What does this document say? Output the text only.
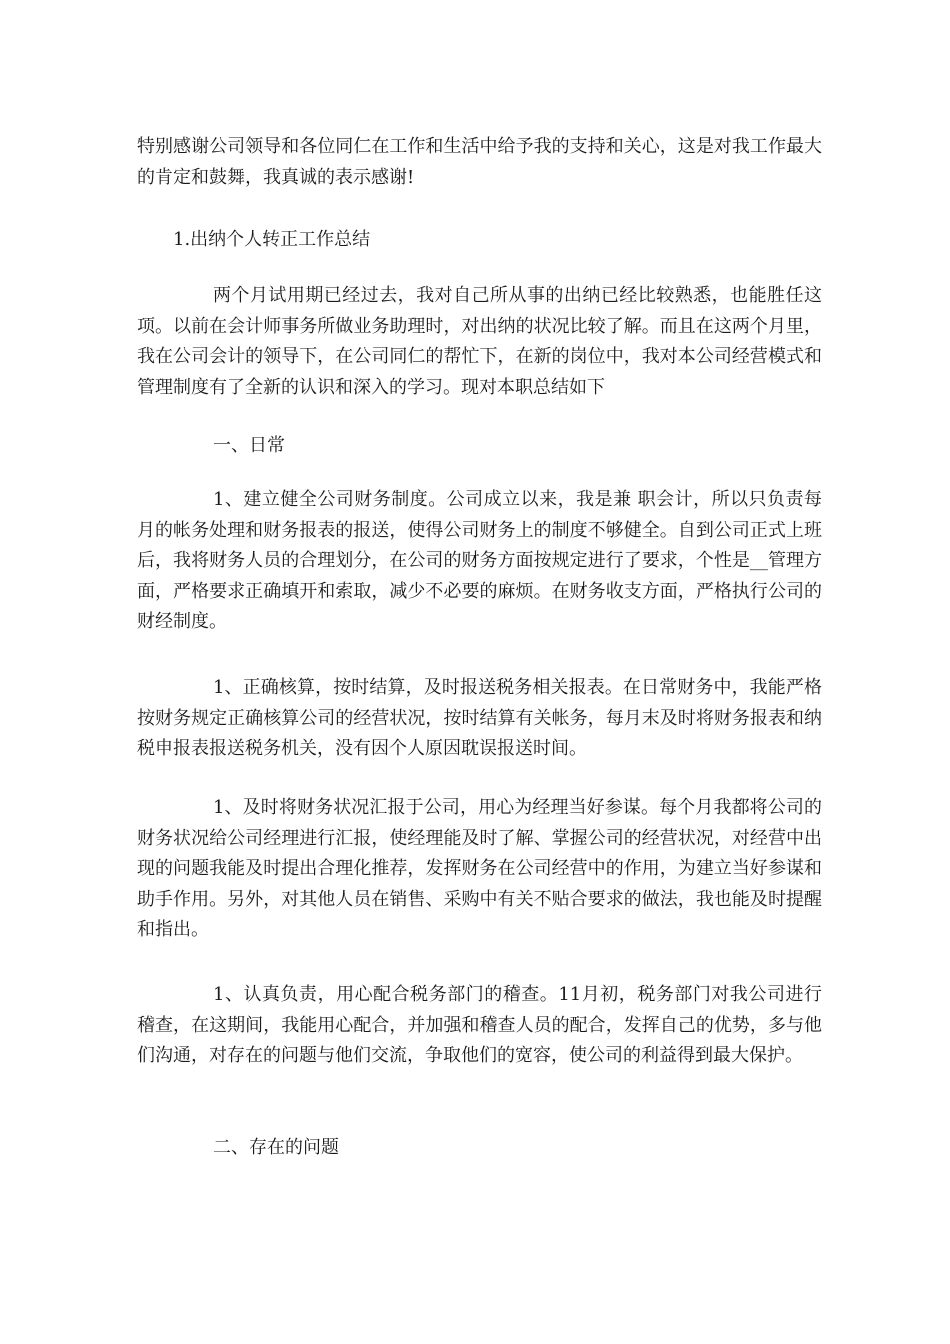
特别感谢公司领导和各位同仁在工作和生活中给予我的支持和关心，这是对我工作最大的肯定和鼓舞，我真诚的表示感谢!

1.出纳个人转正工作总结

两个月试用期已经过去，我对自己所从事的出纳已经比较熟悉，也能胜任这项。以前在会计师事务所做业务助理时，对出纳的状况比较了解。而且在这两个月里，我在公司会计的领导下，在公司同仁的帮忙下，在新的岗位中，我对本公司经营模式和管理制度有了全新的认识和深入的学习。现对本职总结如下

一、日常

1、建立健全公司财务制度。公司成立以来，我是兼 职会计，所以只负责每月的帐务处理和财务报表的报送，使得公司财务上的制度不够健全。自到公司正式上班后，我将财务人员的合理划分，在公司的财务方面按规定进行了要求，个性是__管理方面，严格要求正确填开和索取，减少不必要的麻烦。在财务收支方面，严格执行公司的财经制度。

1、正确核算，按时结算，及时报送税务相关报表。在日常财务中，我能严格按财务规定正确核算公司的经营状况，按时结算有关帐务，每月末及时将财务报表和纳税申报表报送税务机关，没有因个人原因耽误报送时间。

1、及时将财务状况汇报于公司，用心为经理当好参谋。每个月我都将公司的财务状况给公司经理进行汇报，使经理能及时了解、掌握公司的经营状况，对经营中出现的问题我能及时提出合理化推荐，发挥财务在公司经营中的作用，为建立当好参谋和助手作用。另外，对其他人员在销售、采购中有关不贴合要求的做法，我也能及时提醒和指出。

1、认真负责，用心配合税务部门的稽查。11月初，税务部门对我公司进行稽查，在这期间，我能用心配合，并加强和稽查人员的配合，发挥自己的优势，多与他们沟通，对存在的问题与他们交流，争取他们的宽容，使公司的利益得到最大保护。

二、存在的问题
